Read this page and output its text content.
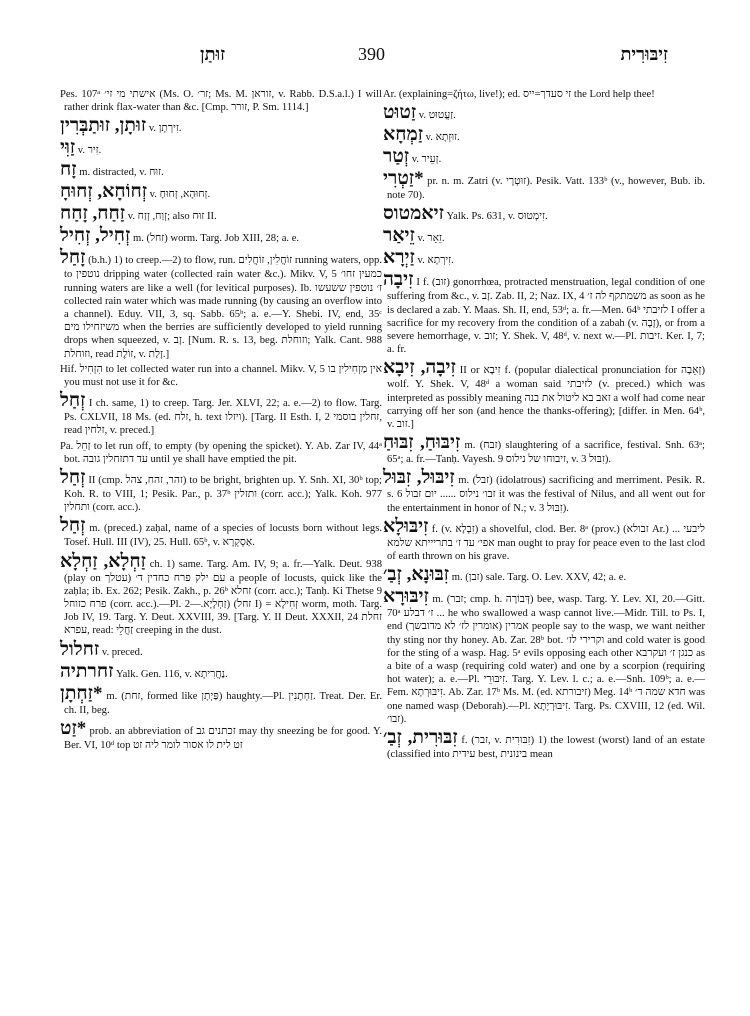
זוּתַן	390	זִיבּוּרִית
Pes. 107ᵃ אישתי מי זי׳ (Ms. O. זר׳; Ms. M. זוראן, v. Rabb. D.S.a.l.) I will rather drink flax-water than &c. [Cmp. זורר, P. Sm. 1114.]
זוּתָן, זוּתַבְּרִין v. זִירְתָן.
זַוִּי v. זִיר.
זָח m. distracted, v. זוּח.
זְחוֹחָא, זְחוּחָ v. זְחוּהָא, זְחוּחָ.
זַחַח, זָחַח v. זְוַח, זְזַח; also זוּח II.
זְחִיל, זְחִיל m. (זחל) worm. Targ. Job XIII, 28; a. e.
זָחַל (b.h.) 1) to creep.—2) to flow, run. זוֹחֲלִין, זוֹחֲלִים running waters, opp. to נוטפין dripping water (collected rain water &c.). Mikv. V, 5 כמעין זחו׳ running waters are like a well (for levitical purposes). Ib. ז׳ נוטפין ששעשו collected rain water which was made running (by causing an overflow into a channel). Eduy. VII, 3, sq. Sabb. 65ᵇ; a. e.—Y. Shebi. IV, end, 35ᶜ משיזחילו מים when the berries are sufficiently developed to yield running drops when squeezed, v. זָב. [Num. R. s. 13, beg. וזוחלת; Yalk. Cant. 988 וזוחלת, read זוֹלֶת, v. זָלַת.]
Hif. הִזְחִיל to let collected water run into a channel. Mikv. V, 5 אין מַזְחִילִין בו you must not use it for &c.
זְחַל I ch. same, 1) to creep. Targ. Jer. XLVI, 22; a. e.—2) to flow. Targ. Ps. CXLVII, 18 Ms. (ed. זלח, h. text ויזלו). [Targ. II Esth. I, 2 זחלין בוסמי, read זלחין, v. preced.]
Pa. זַחֵל to let run off, to empty (by opening the spicket). Y. Ab. Zar IV, 44ᵃ bot. עד דתזחלין גובה until ye shall have emptied the pit.
זְחַל II (cmp. זהר, זהח, צהל) to be bright, brighten up. Y. Snh. XI, 30ᵇ top; Koh. R. to VIII, 1; Pesik. Par., p. 37ᵇ ותזלין (corr. acc.); Yalk. Koh. 977 ותחלין (corr. acc.).
זְחַל m. (preced.) zaḥal, name of a species of locusts born without legs. Tosef. Hull. III (IV), 25. Hull. 65ᵇ, v. אַסְקְרָא.
זַחְלָא, זַחְלָא ch. 1) same. Targ. Am. IV, 9; a. fr.—Yalk. Deut. 938 (play on עטלך) עם ילק פרח כחדין ד׳ a people of locusts, quick like the zaḥla; ib. Ex. 262; Pesik. Zakh., p. 26ᵇ זחלא (corr. acc.); Tanḥ. Ki Thetse 9 פרח כזוחל (corr. acc.).—Pl. זַחְלָיָא.—2) (זחל I) = זְחִילָא worm, moth. Targ. Job IV, 19. Targ. Y. Deut. XXVIII, 39. [Targ. Y. II Deut. XXXII, 24 זחלת עפרא, read: זַחֲלֵי creeping in the dust.
זחלול v. preced.
זחרתיה Yalk. Gen. 116, v. נַחֲרִיתָא.
*זַחְתָן m. (זחת, formed like פַּיְתָן) haughty.—Pl. זַחְתָנִין. Treat. Der. Er. ch. II, beg.
*זַט prob. an abbreviation of זכתנים גב may thy sneezing be for good. Y. Ber. VI, 10ᵈ top זט לית לו אסור לומר ליה זט
Ar. (explaining=ζήτω, live!); ed. זי סעדך=ייס the Lord help thee!
זַטוּט v. זַעֲטוּט.
זַמְחָא v. זוּזְתָא.
זְטַר v. זְעֵיר.
*זַטְרִי pr. n. m. Zatri (v. זוּטְרָי). Pesik. Vatt. 133ᵇ (v., however, Bub. ib. note 70).
זיאמטוס Yalk. Ps. 631, v. זִימְטוּס.
זֵיאַר v. זֵאָר.
זַיְרָא v. זִירְתָא.
זִיבָה I f. (זוב) gonorrhœa, protracted menstruation, legal condition of one suffering from &c., v. זָב. Zab. II, 2; Naz. IX, 4 משמתקף לה ז׳ as soon as he is declared a zab. Y. Maas. Sh. II, end, 53ᵈ; a. fr.—Men. 64ᵇ לזיבתי I offer a sacrifice for my recovery from the condition of a zabah (v. זָבָה), or from a severe hemorrhage, v. זוב; Y. Shek. V, 48ᵈ, v. next w.—Pl. זיבות. Ker. I, 7; a. fr.
זִיבָה, זִיבָא II or זִיבָא f. (popular dialectical pronunciation for זְאֵבָה) wolf. Y. Shek. V, 48ᵈ a woman said לזיבתי (v. preced.) which was interpreted as possibly meaning זאב בא ליטול את בנה a wolf had come near carrying off her son (and hence the thanks-offering); [differ. in Men. 64ᵇ, v. זוב.]
זִיבּוּחַ, זִבּוּחַ m. (זבח) slaughtering of a sacrifice, festival. Snh. 63ᵃ; 65ᵃ; a. fr.—Tanḥ. Vayesh. 9 זיבוחו של נילוס, v. זִבּוּל 3).
זִיבּוּל, זִבּוּל m. (זבל) (idolatrous) sacrificing and merriment. Pesik. R. s. 6 זבו׳ נילוס ...... יום זבול it was the festival of Nilus, and all went out for the entertainment in honor of N.; v. זִבּוּל 3).
זִיבּוּלָא f. (v. זִבְלָא) a shovelful, clod. Ber. 8ᵃ (prov.) (זבולא Ar.) ליבעי ... אפי׳ עד ז׳ בתריייתא שלמא man ought to pray for peace even to the last clod of earth thrown on his grave.
זִבּוּנָא, זְבַ׳ m. (זבן) sale. Targ. O. Lev. XXV, 42; a. e.
זִיבּוּרָא m. (זבר; cmp. h. דְּבוֹרָה) bee, wasp. Targ. Y. Lev. XI, 20.—Gitt. 70ᵃ ז׳ דבלע ... he who swallowed a wasp cannot live.—Midr. Till. to Ps. I, end אמרין (אומרין לז׳ לא מדובשך) people say to the wasp, we want neither thy sting nor thy honey. Ab. Zar. 28ᵇ bot. וקרירי לז׳ and cold water is good for the sting of a wasp. Hag. 5ᵃ evils opposing each other כנגן ז׳ ועקרבא as a bite of a wasp (requiring cold water) and one by a scorpion (requiring hot water); a. e.—Pl. זִיבּוּרֵי. Targ. Y. Lev. l. c.; a. e.—Snh. 109ᵇ; a. e.—Fem. זִיבּוּרְתָא. Ab. Zar. 17ᵇ Ms. M. (ed. זיבורתא) Meg. 14ᵇ חדא שמה ד׳ was one named wasp (Deborah).—Pl. זִיבּוּרְיָתָא. Targ. Ps. CXVIII, 12 (ed. Wil. זבו׳).
זִבּוּרִית, זְבַ׳ f. (זבר, v. זִבּוּרִית) 1) the lowest (worst) land of an estate (classified into עידית best, בינונית mean
